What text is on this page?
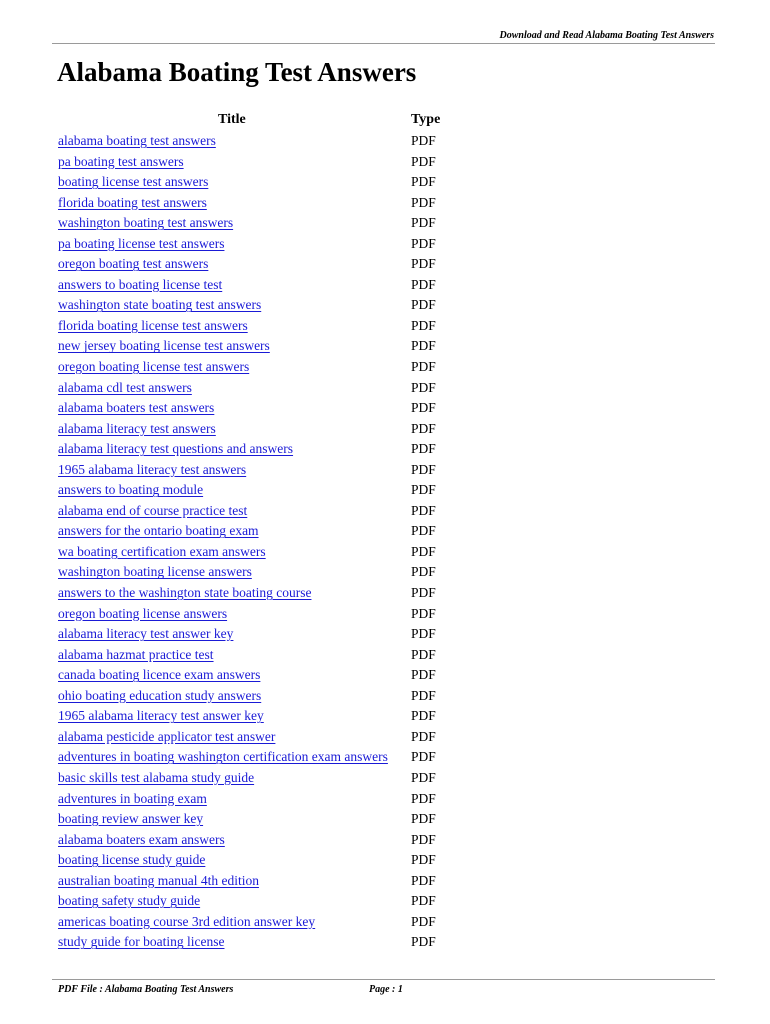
Download and Read Alabama Boating Test Answers
Alabama Boating Test Answers
Title	Type
alabama boating test answers	PDF
pa boating test answers	PDF
boating license test answers	PDF
florida boating test answers	PDF
washington boating test answers	PDF
pa boating license test answers	PDF
oregon boating test answers	PDF
answers to boating license test	PDF
washington state boating test answers	PDF
florida boating license test answers	PDF
new jersey boating license test answers	PDF
oregon boating license test answers	PDF
alabama cdl test answers	PDF
alabama boaters test answers	PDF
alabama literacy test answers	PDF
alabama literacy test questions and answers	PDF
1965 alabama literacy test answers	PDF
answers to boating module	PDF
alabama end of course practice test	PDF
answers for the ontario boating exam	PDF
wa boating certification exam answers	PDF
washington boating license answers	PDF
answers to the washington state boating course	PDF
oregon boating license answers	PDF
alabama literacy test answer key	PDF
alabama hazmat practice test	PDF
canada boating licence exam answers	PDF
ohio boating education study answers	PDF
1965 alabama literacy test answer key	PDF
alabama pesticide applicator test answer	PDF
adventures in boating washington certification exam answers PDF
basic skills test alabama study guide	PDF
adventures in boating exam	PDF
boating review answer key	PDF
alabama boaters exam answers	PDF
boating license study guide	PDF
australian boating manual 4th edition	PDF
boating safety study guide	PDF
americas boating course 3rd edition answer key	PDF
study guide for boating license	PDF
PDF File : Alabama Boating Test Answers	Page : 1
